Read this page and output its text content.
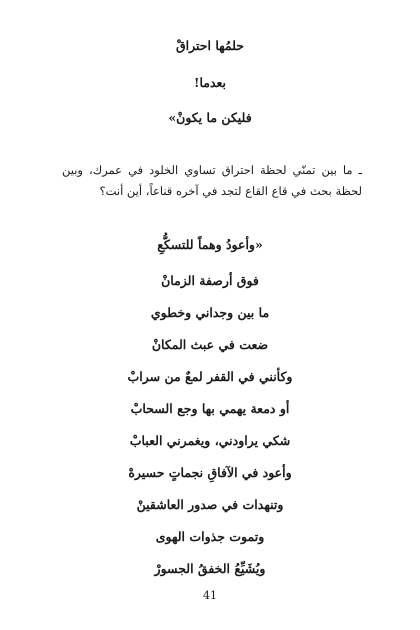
حلمُها احتراقْ
بعدما!
فليكن ما يكونْ»
ـ ما بين تمنّي لحظة احتراق تساوي الخلود في عمرك، وبين لحظة بحث في قاع القاع لتجد في آخره قناعاً، أين أنت؟
«وأعودُ وهماً للتسكُّعِ
فوق أرصفة الزمانْ
ما بين وجداني وخطوي
ضعت في عبث المكانْ
وكأنني في القفر لمعٌ من سرابْ
أو دمعة يهمي بها وجع السحابْ
شكي يراودني، ويغمرني العبابْ
وأعود في الآفاقِ نجماتٍ حسيرهْ
وتنهدات في صدور العاشقينْ
وتموت جذوات الهوى
ويُشَيِّعُ الخفقُ الجسورْ
41
